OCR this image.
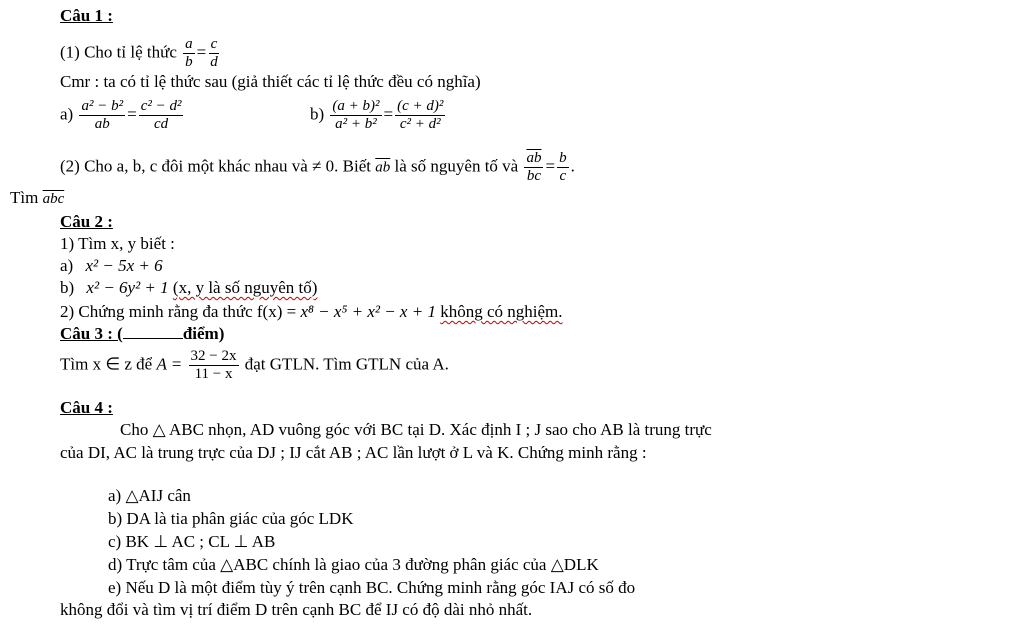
Câu 1 :
(1) Cho tỉ lệ thức $\frac{a}{b} = \frac{c}{d}$
Cmr : ta có tỉ lệ thức sau (giả thiết các tỉ lệ thức đều có nghĩa)
$a) \frac{\text{a² − b²}}{ab} = \frac{\text{c² − d²}}{cd}$	$b) \frac{\text{(a + b)²}}{\text{a² + b²}} = \frac{\text{(c + d)²}}{\text{c² + d²}}$
(2) Cho a, b, c đôi một khác nhau và ≠ 0. Biết $\overline{ab}$ là số nguyên tố và $\frac{\overline{ab}}{bc} = \frac{b}{c}$ .
Tìm $\overline{abc}$
Câu 2 :
1) Tìm x, y biết :
a) x² − 5x + 6
b) x² − 6y² + 1 (x, y là số nguyên tố)
2) Chứng minh rằng đa thức f(x) = x⁸ − x⁵ + x² − x + 1 không có nghiệm.
Câu 3 : (	điểm)
Tìm x ∈ z để $A = \frac{32 - 2x}{11 - x}$ đạt GTLN. Tìm GTLN của A.
Câu 4 :
Cho △ ABC nhọn, AD vuông góc với BC tại D. Xác định I ; J sao cho AB là trung trực của DI, AC là trung trực của DJ ; IJ cắt AB ; AC lần lượt ở L và K. Chứng minh rằng :
a) △AIJ cân
b) DA là tia phân giác của góc LDK
c) BK ⊥ AC ; CL ⊥ AB
d) Trực tâm của △ABC chính là giao của 3 đường phân giác của △DLK
e) Nếu D là một điểm tùy ý trên cạnh BC. Chứng minh rằng góc IAJ có số đo
không đổi và tìm vị trí điểm D trên cạnh BC để IJ có độ dài nhỏ nhất.
